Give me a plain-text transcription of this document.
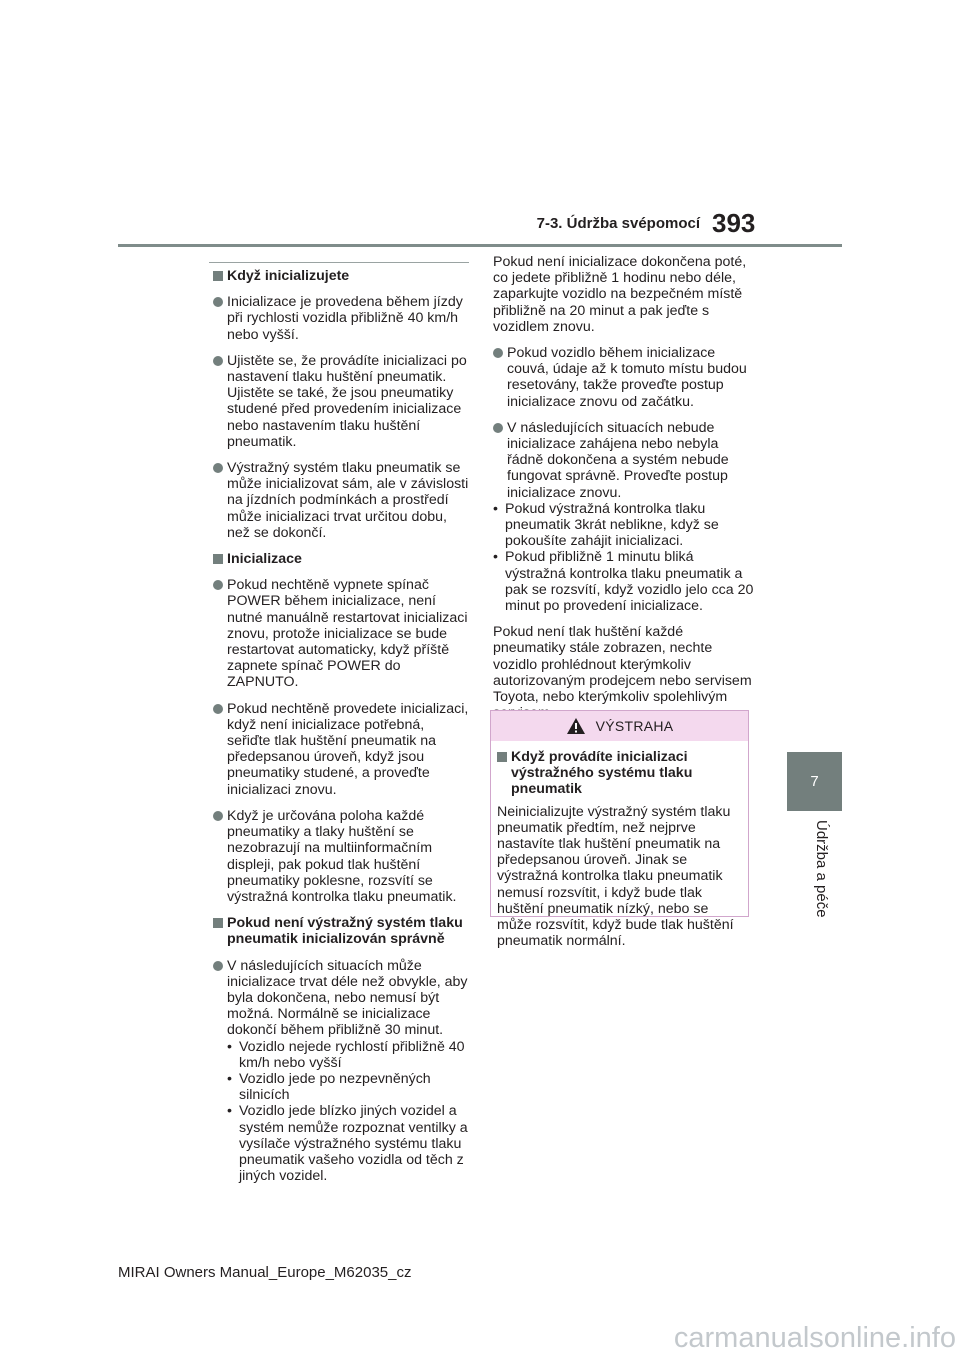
7-3. Údržba svépomocí 393
7
Údržba a péče
Když inicializujete
Inicializace je provedena během jízdy při rychlosti vozidla přibližně 40 km/h nebo vyšší.
Ujistěte se, že provádíte inicializaci po nastavení tlaku huštění pneumatik. Ujistěte se také, že jsou pneumatiky studené před provedením inicializace nebo nastavením tlaku huštění pneumatik.
Výstražný systém tlaku pneumatik se může inicializovat sám, ale v závislosti na jízdních podmínkách a prostředí může inicializaci trvat určitou dobu, než se dokončí.
Inicializace
Pokud nechtěně vypnete spínač POWER během inicializace, není nutné manuálně restartovat inicializaci znovu, protože inicializace se bude restartovat automaticky, když příště zapnete spínač POWER do ZAPNUTO.
Pokud nechtěně provedete inicializaci, když není inicializace potřebná, seřiďte tlak huštění pneumatik na předepsanou úroveň, když jsou pneumatiky studené, a proveďte inicializaci znovu.
Když je určována poloha každé pneumatiky a tlaky huštění se nezobrazují na multiinformačním displeji, pak pokud tlak huštění pneumatiky poklesne, rozsvítí se výstražná kontrolka tlaku pneumatik.
Pokud není výstražný systém tlaku pneumatik inicializován správně
V následujících situacích může inicializace trvat déle než obvykle, aby byla dokončena, nebo nemusí být možná. Normálně se inicializace dokončí během přibližně 30 minut.
• Vozidlo nejede rychlostí přibližně 40 km/h nebo vyšší
• Vozidlo jede po nezpevněných silnicích
• Vozidlo jede blízko jiných vozidel a systém nemůže rozpoznat ventilky a vysílače výstražného systému tlaku pneumatik vašeho vozidla od těch z jiných vozidel.
Pokud není inicializace dokončena poté, co jedete přibližně 1 hodinu nebo déle, zaparkujte vozidlo na bezpečném místě přibližně na 20 minut a pak jeďte s vozidlem znovu.
Pokud vozidlo během inicializace couvá, údaje až k tomuto místu budou resetovány, takže proveďte postup inicializace znovu od začátku.
V následujících situacích nebude inicializace zahájena nebo nebyla řádně dokončena a systém nebude fungovat správně. Proveďte postup inicializace znovu.
• Pokud výstražná kontrolka tlaku pneumatik 3krát neblikne, když se pokoušíte zahájit inicializaci.
• Pokud přibližně 1 minutu bliká výstražná kontrolka tlaku pneumatik a pak se rozsvítí, když vozidlo jelo cca 20 minut po provedení inicializace.
Pokud není tlak huštění každé pneumatiky stále zobrazen, nechte vozidlo prohlédnout kterýmkoliv autorizovaným prodejcem nebo servisem Toyota, nebo kterýmkoliv spolehlivým
VÝSTRAHA
Když provádíte inicializaci výstražného systému tlaku pneumatik
Neinicializujte výstražný systém tlaku pneumatik předtím, než nejprve nastavíte tlak huštění pneumatik na předepsanou úroveň. Jinak se výstražná kontrolka tlaku pneumatik nemusí rozsvítit, i když bude tlak huštění pneumatik nízký, nebo se může rozsvítit, když bude tlak huštění pneumatik normální.
MIRAI Owners Manual_Europe_M62035_cz
carmanualsonline.info
